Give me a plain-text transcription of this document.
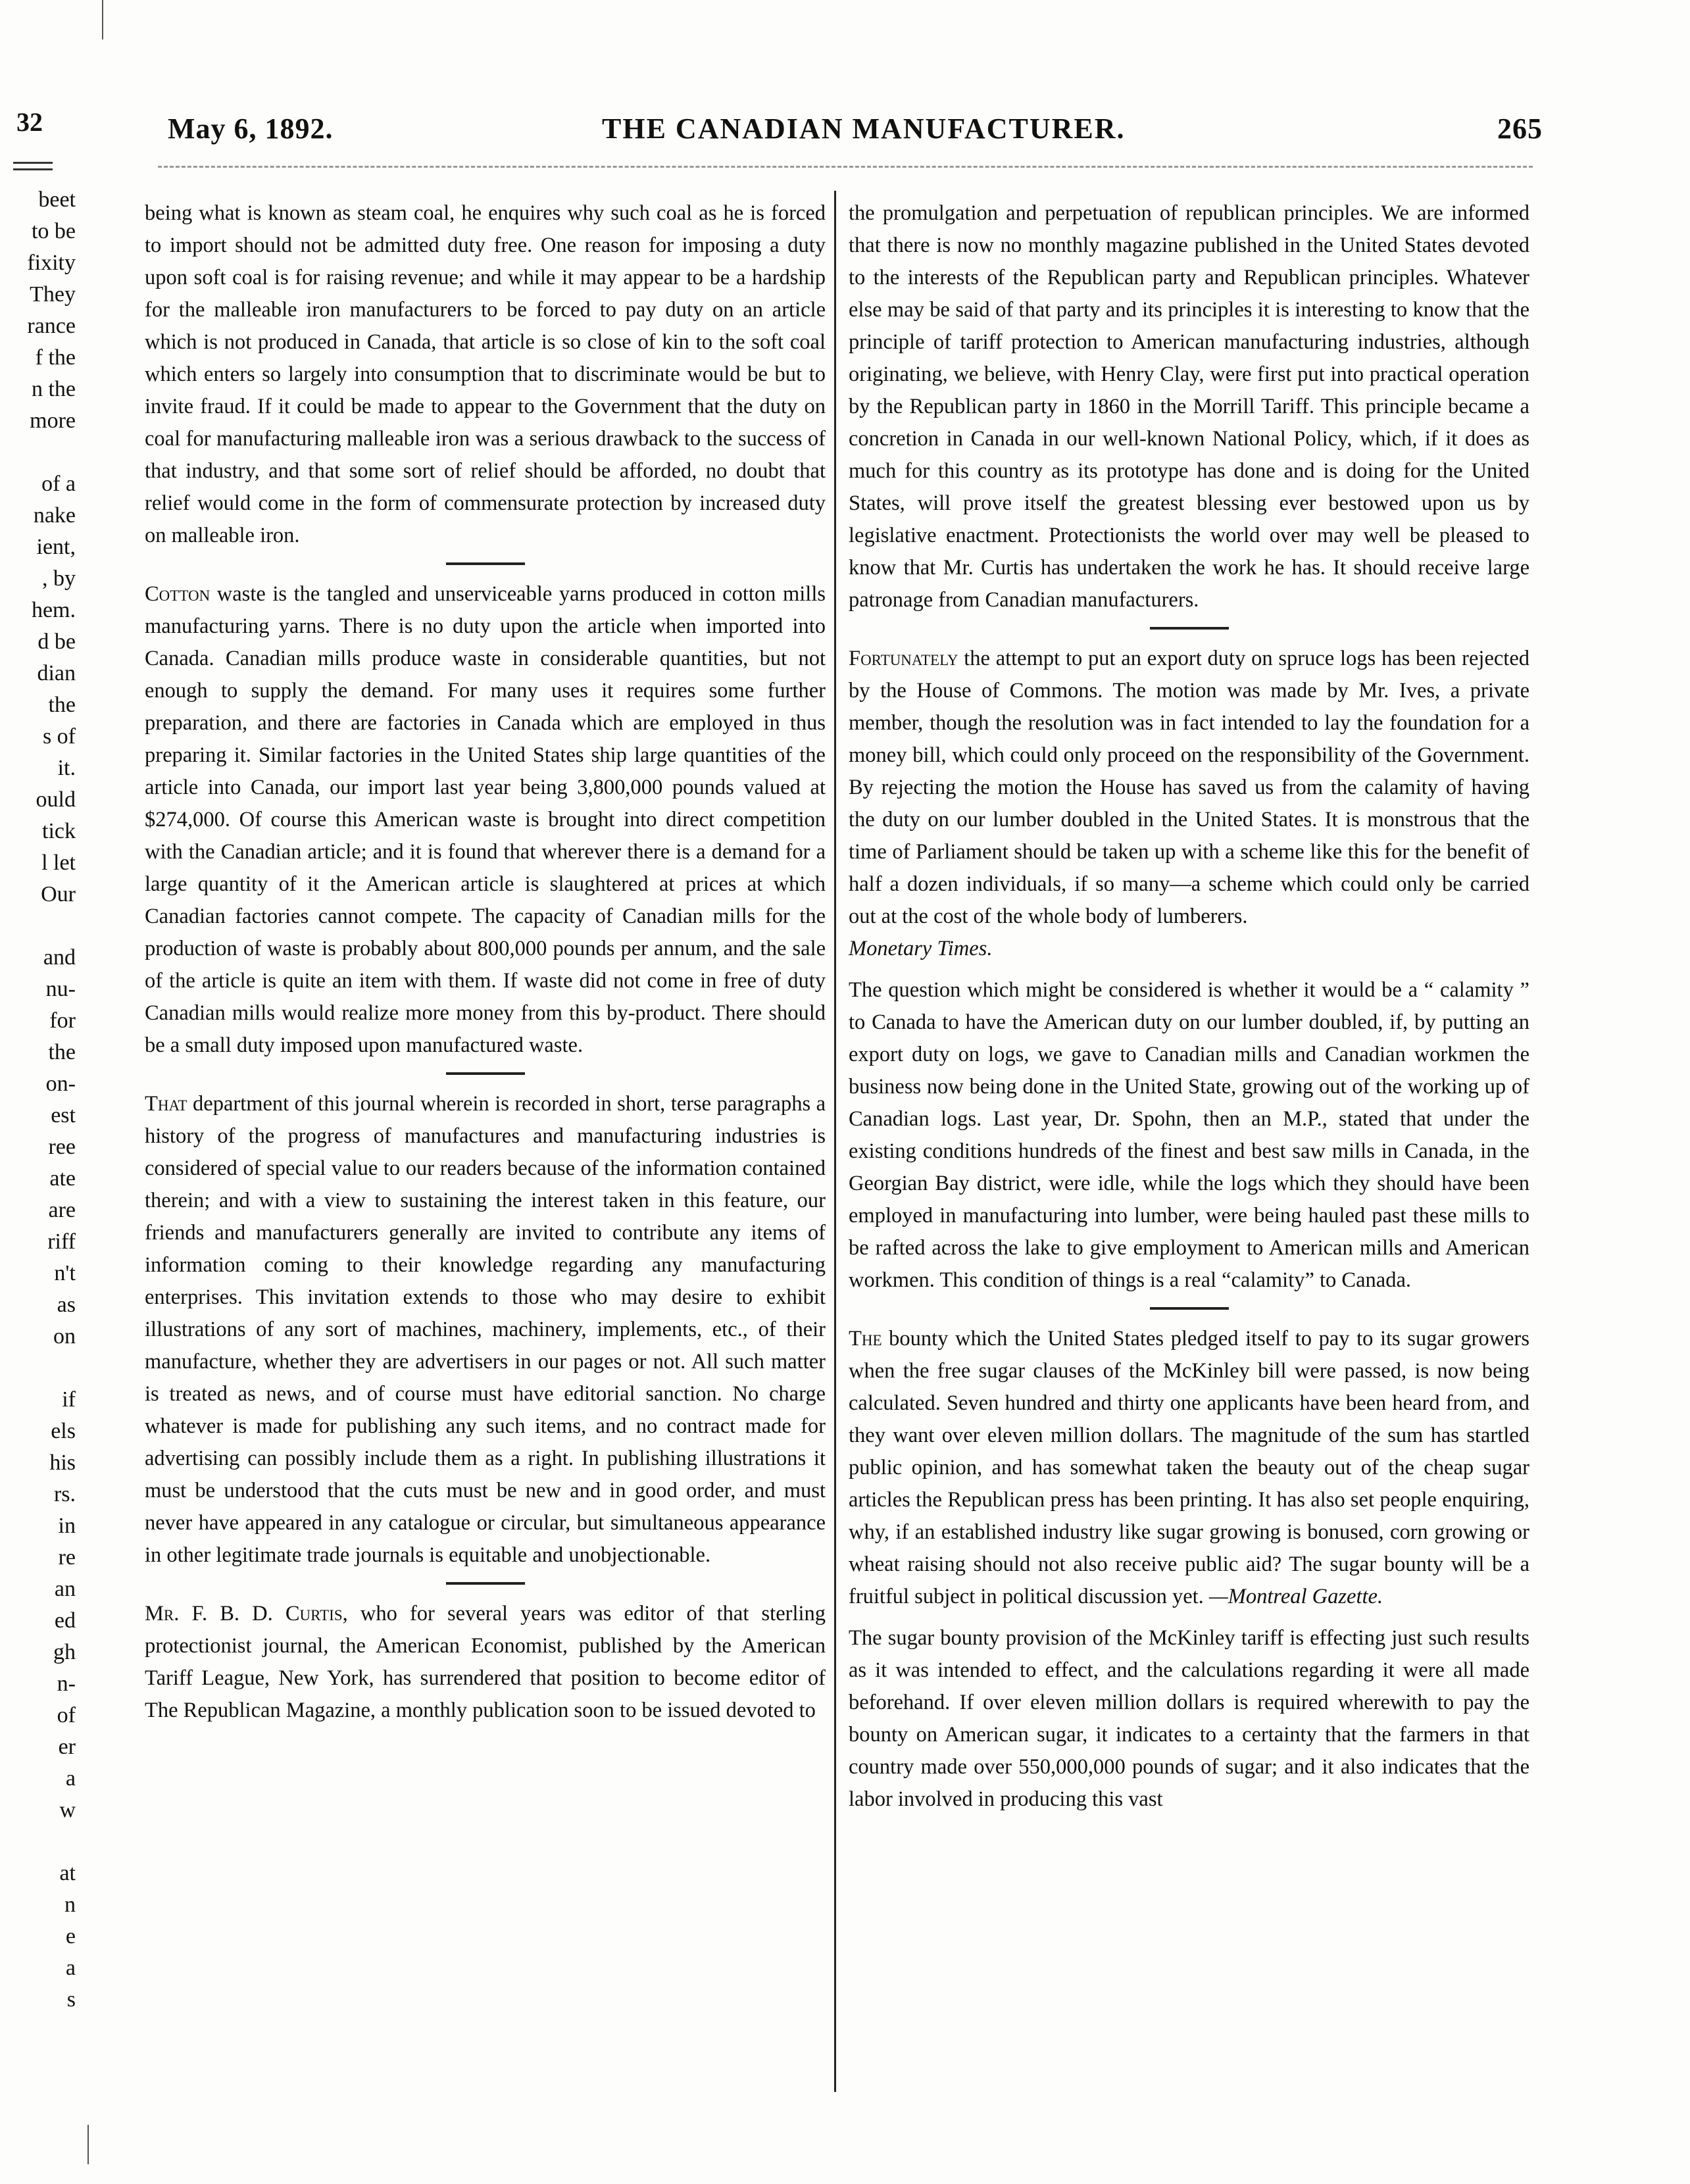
May 6, 1892.	THE CANADIAN MANUFACTURER.	265
32
beet
to be
fixity
They
rance
f the
n the
more
of a
nake
ient,
, by
hem.
d be
dian
the
s of
it.
ould
tick
l let
Our
and
nu-
for
the
on-
est
ree
ate
are
riff
n't
as
on
if
els
his
rs.
in
re
an
ed
gh
n-
of
er
a
w
at
n
e
a
s

being what is known as steam coal, he enquires why such coal as he is forced to import should not be admitted duty free. One reason for imposing a duty upon soft coal is for raising revenue; and while it may appear to be a hardship for the malleable iron manufacturers to be forced to pay duty on an article which is not produced in Canada, that article is so close of kin to the soft coal which enters so largely into consumption that to discriminate would be but to invite fraud. If it could be made to appear to the Government that the duty on coal for manufacturing malleable iron was a serious drawback to the success of that industry, and that some sort of relief should be afforded, no doubt that relief would come in the form of commensurate protection by increased duty on malleable iron.

Cotton waste is the tangled and unserviceable yarns produced in cotton mills manufacturing yarns. There is no duty upon the article when imported into Canada. Canadian mills produce waste in considerable quantities, but not enough to supply the demand. For many uses it requires some further preparation, and there are factories in Canada which are employed in thus preparing it. Similar factories in the United States ship large quantities of the article into Canada, our import last year being 3,800,000 pounds valued at $274,000. Of course this American waste is brought into direct competition with the Canadian article; and it is found that wherever there is a demand for a large quantity of it the American article is slaughtered at prices at which Canadian factories cannot compete. The capacity of Canadian mills for the production of waste is probably about 800,000 pounds per annum, and the sale of the article is quite an item with them. If waste did not come in free of duty Canadian mills would realize more money from this by-product. There should be a small duty imposed upon manufactured waste.

That department of this journal wherein is recorded in short, terse paragraphs a history of the progress of manufactures and manufacturing industries is considered of special value to our readers because of the information contained therein; and with a view to sustaining the interest taken in this feature, our friends and manufacturers generally are invited to contribute any items of information coming to their knowledge regarding any manufacturing enterprises. This invitation extends to those who may desire to exhibit illustrations of any sort of machines, machinery, implements, etc., of their manufacture, whether they are advertisers in our pages or not. All such matter is treated as news, and of course must have editorial sanction. No charge whatever is made for publishing any such items, and no contract made for advertising can possibly include them as a right. In publishing illustrations it must be understood that the cuts must be new and in good order, and must never have appeared in any catalogue or circular, but simultaneous appearance in other legitimate trade journals is equitable and unobjectionable.

Mr. F. B. D. Curtis, who for several years was editor of that sterling protectionist journal, the American Economist, published by the American Tariff League, New York, has surrendered that position to become editor of The Republican Magazine, a monthly publication soon to be issued devoted to

the promulgation and perpetuation of republican principles. We are informed that there is now no monthly magazine published in the United States devoted to the interests of the Republican party and Republican principles. Whatever else may be said of that party and its principles it is interesting to know that the principle of tariff protection to American manufacturing industries, although originating, we believe, with Henry Clay, were first put into practical operation by the Republican party in 1860 in the Morrill Tariff. This principle became a concretion in Canada in our well-known National Policy, which, if it does as much for this country as its prototype has done and is doing for the United States, will prove itself the greatest blessing ever bestowed upon us by legislative enactment. Protectionists the world over may well be pleased to know that Mr. Curtis has undertaken the work he has. It should receive large patronage from Canadian manufacturers.

Fortunately the attempt to put an export duty on spruce logs has been rejected by the House of Commons. The motion was made by Mr. Ives, a private member, though the resolution was in fact intended to lay the foundation for a money bill, which could only proceed on the responsibility of the Government. By rejecting the motion the House has saved us from the calamity of having the duty on our lumber doubled in the United States. It is monstrous that the time of Parliament should be taken up with a scheme like this for the benefit of half a dozen individuals, if so many—a scheme which could only be carried out at the cost of the whole body of lumberers.
Monetary Times.

The question which might be considered is whether it would be a “ calamity ” to Canada to have the American duty on our lumber doubled, if, by putting an export duty on logs, we gave to Canadian mills and Canadian workmen the business now being done in the United State, growing out of the working up of Canadian logs. Last year, Dr. Spohn, then an M.P., stated that under the existing conditions hundreds of the finest and best saw mills in Canada, in the Georgian Bay district, were idle, while the logs which they should have been employed in manufacturing into lumber, were being hauled past these mills to be rafted across the lake to give employment to American mills and American workmen. This condition of things is a real “calamity” to Canada.

The bounty which the United States pledged itself to pay to its sugar growers when the free sugar clauses of the McKinley bill were passed, is now being calculated. Seven hundred and thirty one applicants have been heard from, and they want over eleven million dollars. The magnitude of the sum has startled public opinion, and has somewhat taken the beauty out of the cheap sugar articles the Republican press has been printing. It has also set people enquiring, why, if an established industry like sugar growing is bonused, corn growing or wheat raising should not also receive public aid? The sugar bounty will be a fruitful subject in political discussion yet. —Montreal Gazette.

The sugar bounty provision of the McKinley tariff is effecting just such results as it was intended to effect, and the calculations regarding it were all made beforehand. If over eleven million dollars is required wherewith to pay the bounty on American sugar, it indicates to a certainty that the farmers in that country made over 550,000,000 pounds of sugar; and it also indicates that the labor involved in producing this vast
